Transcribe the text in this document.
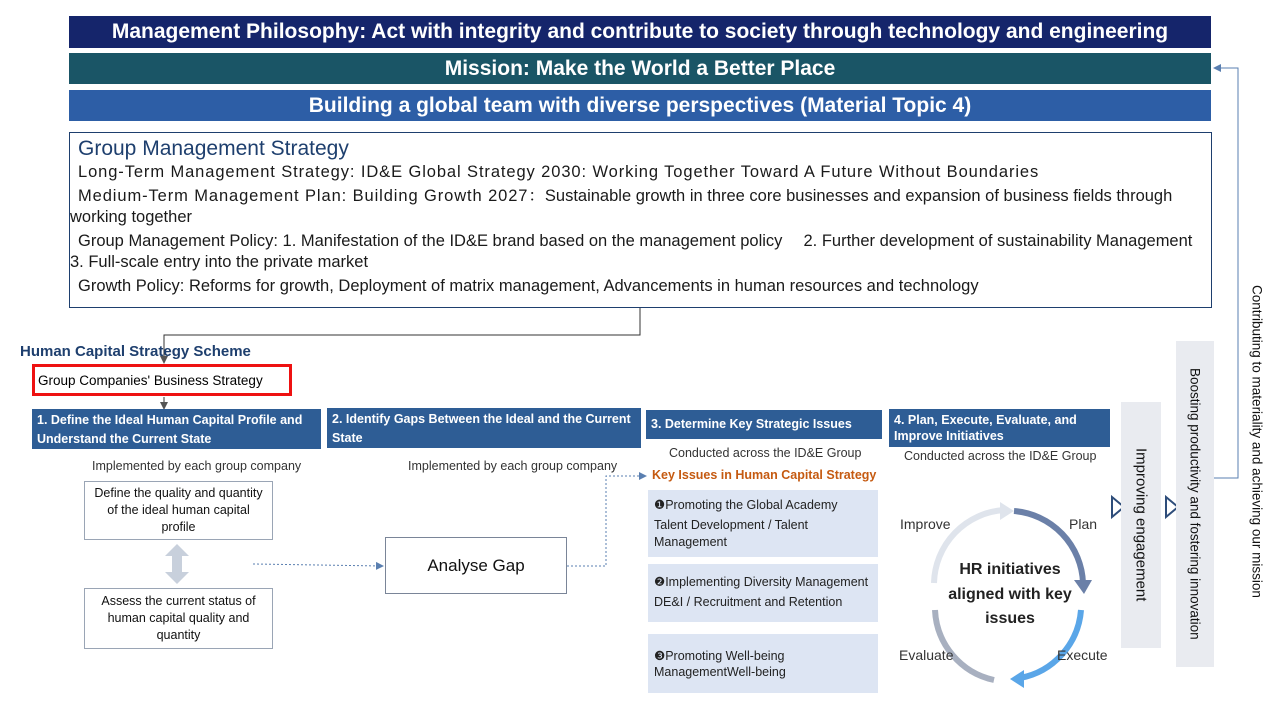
Management Philosophy: Act with integrity and contribute to society through technology and engineering
Mission: Make the World a Better Place
Building a global team with diverse perspectives (Material Topic 4)
Group Management Strategy
Long-Term Management Strategy: ID&E Global Strategy 2030: Working Together Toward A Future Without Boundaries
Medium-Term Management Plan: Building Growth 2027：Sustainable growth in three core businesses and expansion of business fields through working together
Group Management Policy: 1. Manifestation of the ID&E brand based on the management policy　 2. Further development of sustainability Management　 3. Full-scale entry into the private market
Growth Policy: Reforms for growth, Deployment of matrix management, Advancements in human resources and technology
Human Capital Strategy Scheme
Group Companies' Business Strategy
1. Define the Ideal Human Capital Profile and Understand the Current State
2. Identify Gaps Between the Ideal and the Current State
3. Determine Key Strategic Issues	4. Plan, Execute, Evaluate, and Improve Initiatives
Implemented by each group company	Implemented by each group company
Conducted across the ID&E Group	Conducted across the ID&E Group
Define the quality and quantity of the ideal human capital profile
Assess the current status of human capital quality and quantity
Analyse Gap
Key Issues in Human Capital Strategy
❶Promoting the Global Academy
Talent Development / Talent Management
❷Implementing Diversity Management
DE&I / Recruitment and Retention
❸Promoting Well-being ManagementWell-being
HR initiatives aligned with key issues
Plan
Execute
Evaluate
Improve	Improving engagement	Boosting productivity and fostering innovation	Contributing to materiality and achieving our mission
